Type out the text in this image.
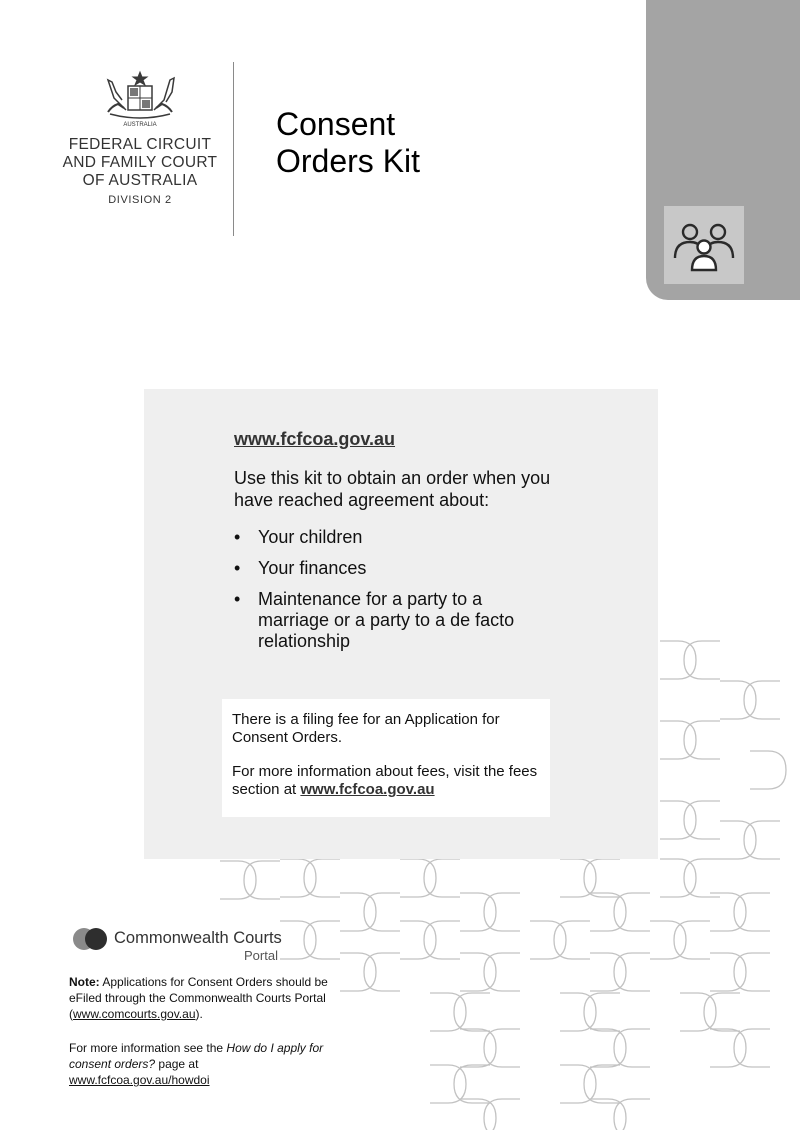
AUSTRALIA
FEDERAL CIRCUIT
AND FAMILY COURT
OF AUSTRALIA
DIVISION 2
Consent
Orders Kit
www.fcfcoa.gov.au
Use this kit to obtain an order when you have reached agreement about:
• Your children
• Your finances
• Maintenance for a party to a marriage or a party to a de facto relationship

There is a filing fee for an Application for Consent Orders.

For more information about fees, visit the fees section at www.fcfcoa.gov.au

Commonwealth Courts
Portal

Note: Applications for Consent Orders should be eFiled through the Commonwealth Courts Portal (www.comcourts.gov.au).

For more information see the How do I apply for consent orders? page at www.fcfcoa.gov.au/howdoi
